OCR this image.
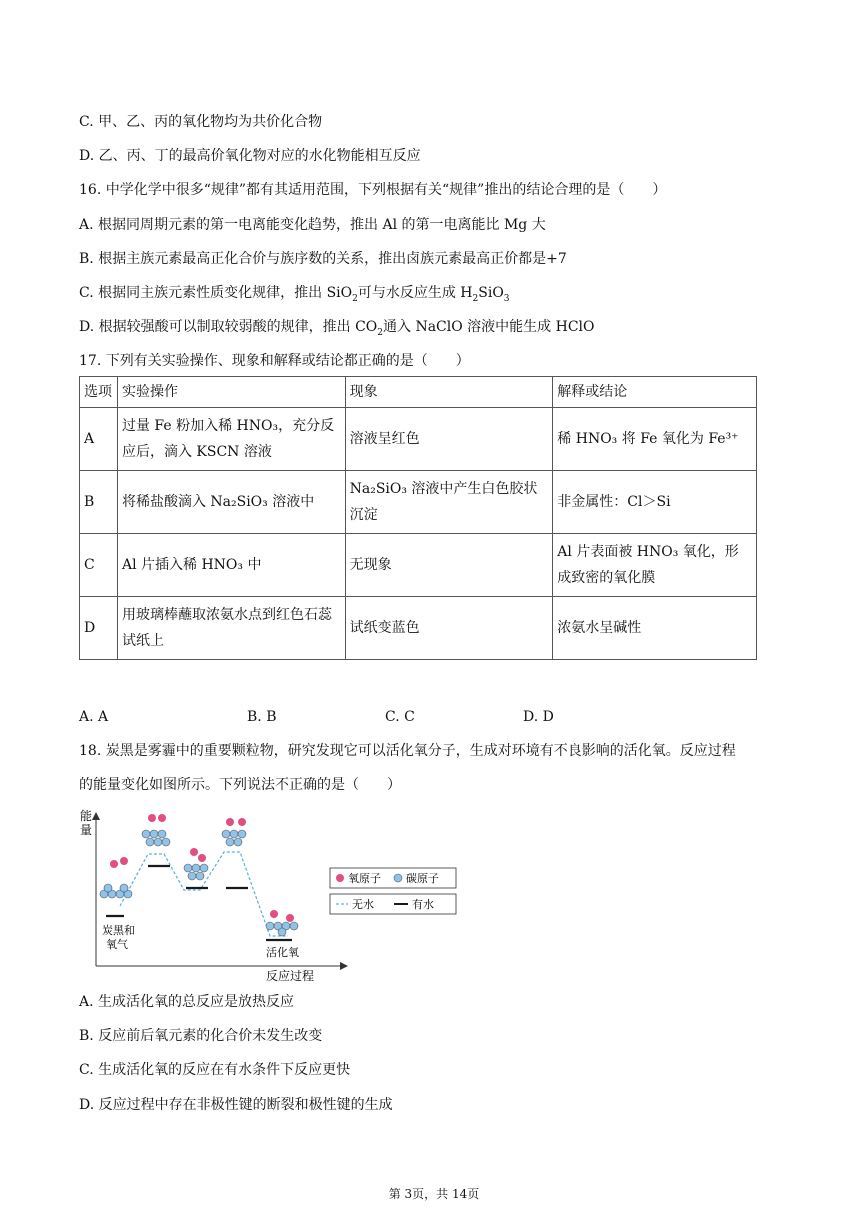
C. 甲、乙、丙的氧化物均为共价化合物
D. 乙、丙、丁的最高价氧化物对应的水化物能相互反应
16. 中学化学中很多“规律”都有其适用范围，下列根据有关“规律”推出的结论合理的是（　　）
A. 根据同周期元素的第一电离能变化趋势，推出 Al 的第一电离能比 Mg 大
B. 根据主族元素最高正化合价与族序数的关系，推出卤族元素最高正价都是+7
C. 根据同主族元素性质变化规律，推出 SiO$_2$可与水反应生成 $H_2SiO_3$
D. 根据较强酸可以制取较弱酸的规律，推出 $CO_2$通入 NaClO 溶液中能生成 HClO
17. 下列有关实验操作、现象和解释或结论都正确的是（　　）
选项	实验操作	现象	解释或结论
A	过量 Fe 粉加入稀 HNO₃，充分反应后，滴入 KSCN 溶液	溶液呈红色	稀 HNO₃ 将 Fe 氧化为 Fe³⁺
B	将稀盐酸滴入 Na₂SiO₃ 溶液中	Na₂SiO₃ 溶液中产生白色胶状沉淀	非金属性：Cl＞Si
C	Al 片插入稀 HNO₃ 中	无现象	Al 片表面被 HNO₃ 氧化，形成致密的氧化膜
D	用玻璃棒蘸取浓氨水点到红色石蕊试纸上	试纸变蓝色	浓氨水呈碱性
A. A	B. B	C. C	D. D
18. 炭黑是雾霾中的重要颗粒物，研究发现它可以活化氧分子，生成对环境有不良影响的活化氧。反应过程
的能量变化如图所示。下列说法不正确的是（　　）
能
量
反应过程
炭黑和
氧气
活化氧
氧原子 碳原子
无水	有水
A. 生成活化氧的总反应是放热反应
B. 反应前后氧元素的化合价未发生改变
C. 生成活化氧的反应在有水条件下反应更快
D. 反应过程中存在非极性键的断裂和极性键的生成
第 3页，共 14页
